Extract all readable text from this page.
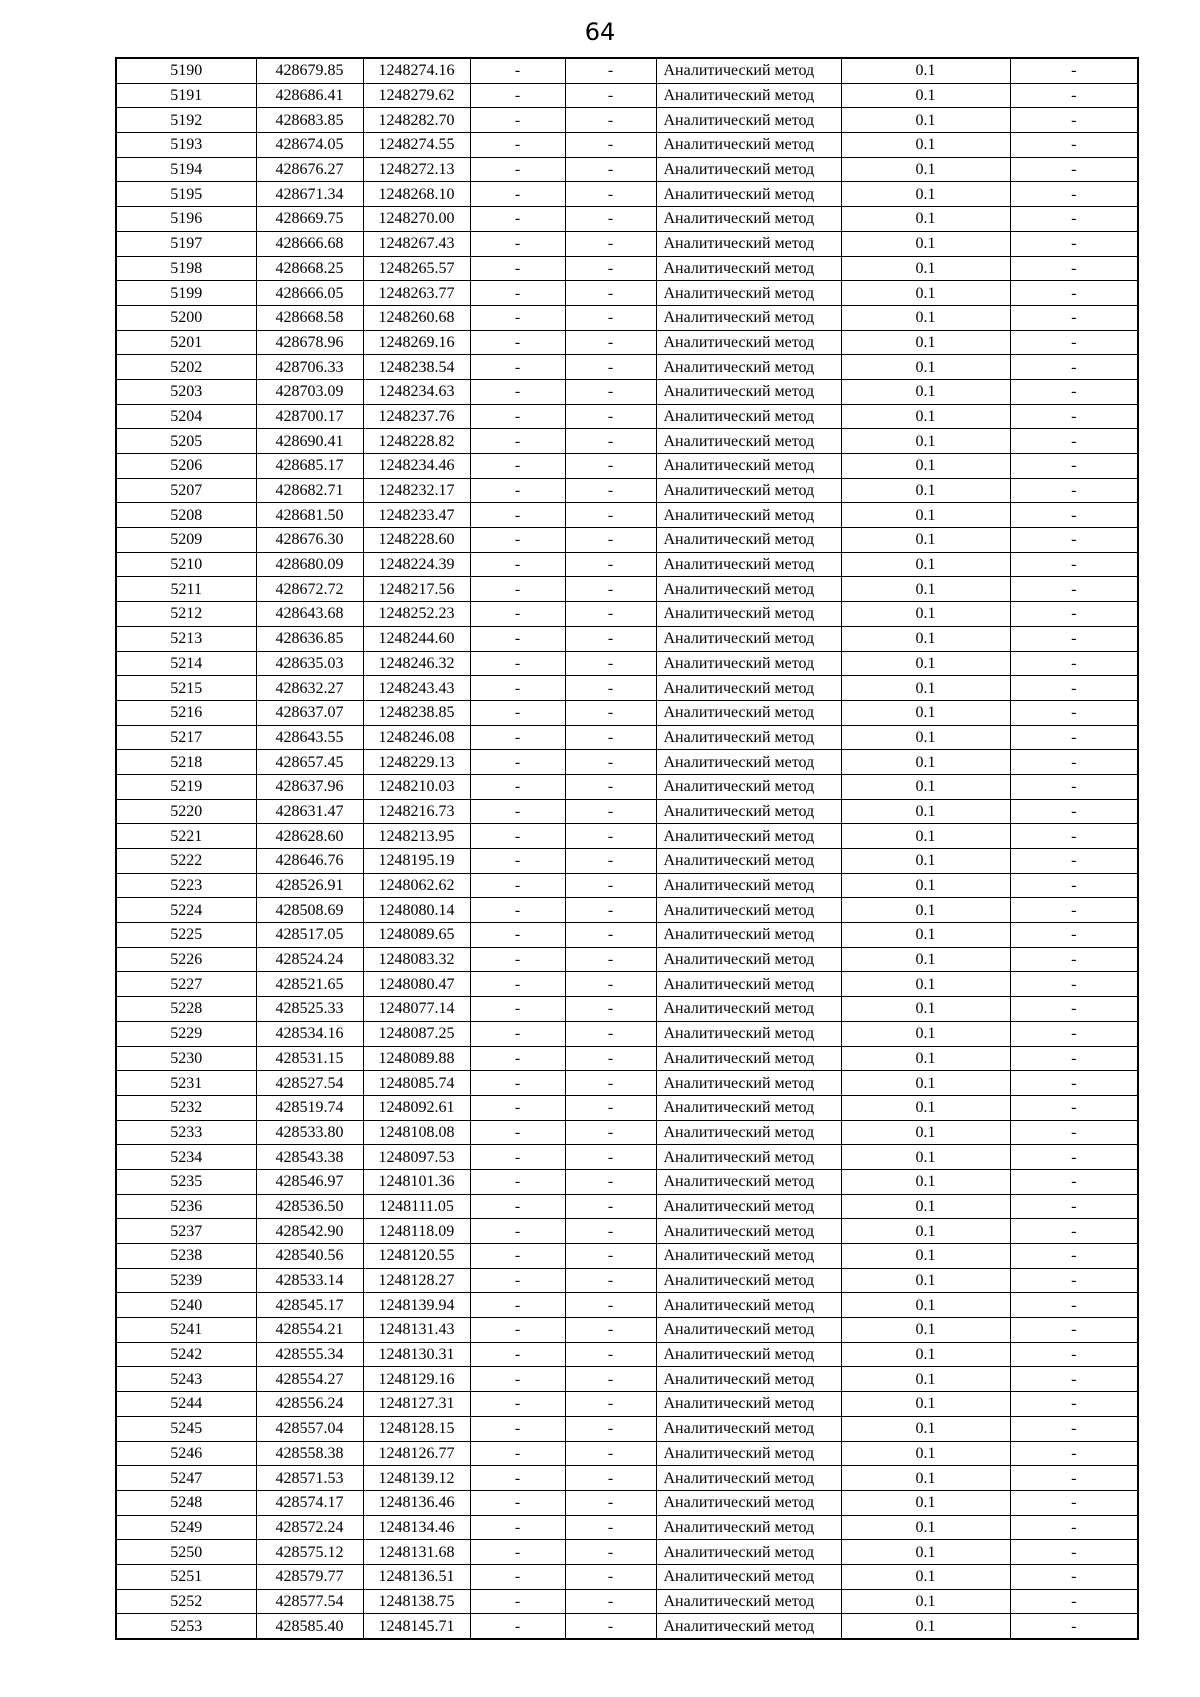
64
5190	428679.85	1248274.16	-	-	Аналитический метод	0.1	-
5191	428686.41	1248279.62	-	-	Аналитический метод	0.1	-
5192	428683.85	1248282.70	-	-	Аналитический метод	0.1	-
5193	428674.05	1248274.55	-	-	Аналитический метод	0.1	-
5194	428676.27	1248272.13	-	-	Аналитический метод	0.1	-
5195	428671.34	1248268.10	-	-	Аналитический метод	0.1	-
5196	428669.75	1248270.00	-	-	Аналитический метод	0.1	-
5197	428666.68	1248267.43	-	-	Аналитический метод	0.1	-
5198	428668.25	1248265.57	-	-	Аналитический метод	0.1	-
5199	428666.05	1248263.77	-	-	Аналитический метод	0.1	-
5200	428668.58	1248260.68	-	-	Аналитический метод	0.1	-
5201	428678.96	1248269.16	-	-	Аналитический метод	0.1	-
5202	428706.33	1248238.54	-	-	Аналитический метод	0.1	-
5203	428703.09	1248234.63	-	-	Аналитический метод	0.1	-
5204	428700.17	1248237.76	-	-	Аналитический метод	0.1	-
5205	428690.41	1248228.82	-	-	Аналитический метод	0.1	-
5206	428685.17	1248234.46	-	-	Аналитический метод	0.1	-
5207	428682.71	1248232.17	-	-	Аналитический метод	0.1	-
5208	428681.50	1248233.47	-	-	Аналитический метод	0.1	-
5209	428676.30	1248228.60	-	-	Аналитический метод	0.1	-
5210	428680.09	1248224.39	-	-	Аналитический метод	0.1	-
5211	428672.72	1248217.56	-	-	Аналитический метод	0.1	-
5212	428643.68	1248252.23	-	-	Аналитический метод	0.1	-
5213	428636.85	1248244.60	-	-	Аналитический метод	0.1	-
5214	428635.03	1248246.32	-	-	Аналитический метод	0.1	-
5215	428632.27	1248243.43	-	-	Аналитический метод	0.1	-
5216	428637.07	1248238.85	-	-	Аналитический метод	0.1	-
5217	428643.55	1248246.08	-	-	Аналитический метод	0.1	-
5218	428657.45	1248229.13	-	-	Аналитический метод	0.1	-
5219	428637.96	1248210.03	-	-	Аналитический метод	0.1	-
5220	428631.47	1248216.73	-	-	Аналитический метод	0.1	-
5221	428628.60	1248213.95	-	-	Аналитический метод	0.1	-
5222	428646.76	1248195.19	-	-	Аналитический метод	0.1	-
5223	428526.91	1248062.62	-	-	Аналитический метод	0.1	-
5224	428508.69	1248080.14	-	-	Аналитический метод	0.1	-
5225	428517.05	1248089.65	-	-	Аналитический метод	0.1	-
5226	428524.24	1248083.32	-	-	Аналитический метод	0.1	-
5227	428521.65	1248080.47	-	-	Аналитический метод	0.1	-
5228	428525.33	1248077.14	-	-	Аналитический метод	0.1	-
5229	428534.16	1248087.25	-	-	Аналитический метод	0.1	-
5230	428531.15	1248089.88	-	-	Аналитический метод	0.1	-
5231	428527.54	1248085.74	-	-	Аналитический метод	0.1	-
5232	428519.74	1248092.61	-	-	Аналитический метод	0.1	-
5233	428533.80	1248108.08	-	-	Аналитический метод	0.1	-
5234	428543.38	1248097.53	-	-	Аналитический метод	0.1	-
5235	428546.97	1248101.36	-	-	Аналитический метод	0.1	-
5236	428536.50	1248111.05	-	-	Аналитический метод	0.1	-
5237	428542.90	1248118.09	-	-	Аналитический метод	0.1	-
5238	428540.56	1248120.55	-	-	Аналитический метод	0.1	-
5239	428533.14	1248128.27	-	-	Аналитический метод	0.1	-
5240	428545.17	1248139.94	-	-	Аналитический метод	0.1	-
5241	428554.21	1248131.43	-	-	Аналитический метод	0.1	-
5242	428555.34	1248130.31	-	-	Аналитический метод	0.1	-
5243	428554.27	1248129.16	-	-	Аналитический метод	0.1	-
5244	428556.24	1248127.31	-	-	Аналитический метод	0.1	-
5245	428557.04	1248128.15	-	-	Аналитический метод	0.1	-
5246	428558.38	1248126.77	-	-	Аналитический метод	0.1	-
5247	428571.53	1248139.12	-	-	Аналитический метод	0.1	-
5248	428574.17	1248136.46	-	-	Аналитический метод	0.1	-
5249	428572.24	1248134.46	-	-	Аналитический метод	0.1	-
5250	428575.12	1248131.68	-	-	Аналитический метод	0.1	-
5251	428579.77	1248136.51	-	-	Аналитический метод	0.1	-
5252	428577.54	1248138.75	-	-	Аналитический метод	0.1	-
5253	428585.40	1248145.71	-	-	Аналитический метод	0.1	-
